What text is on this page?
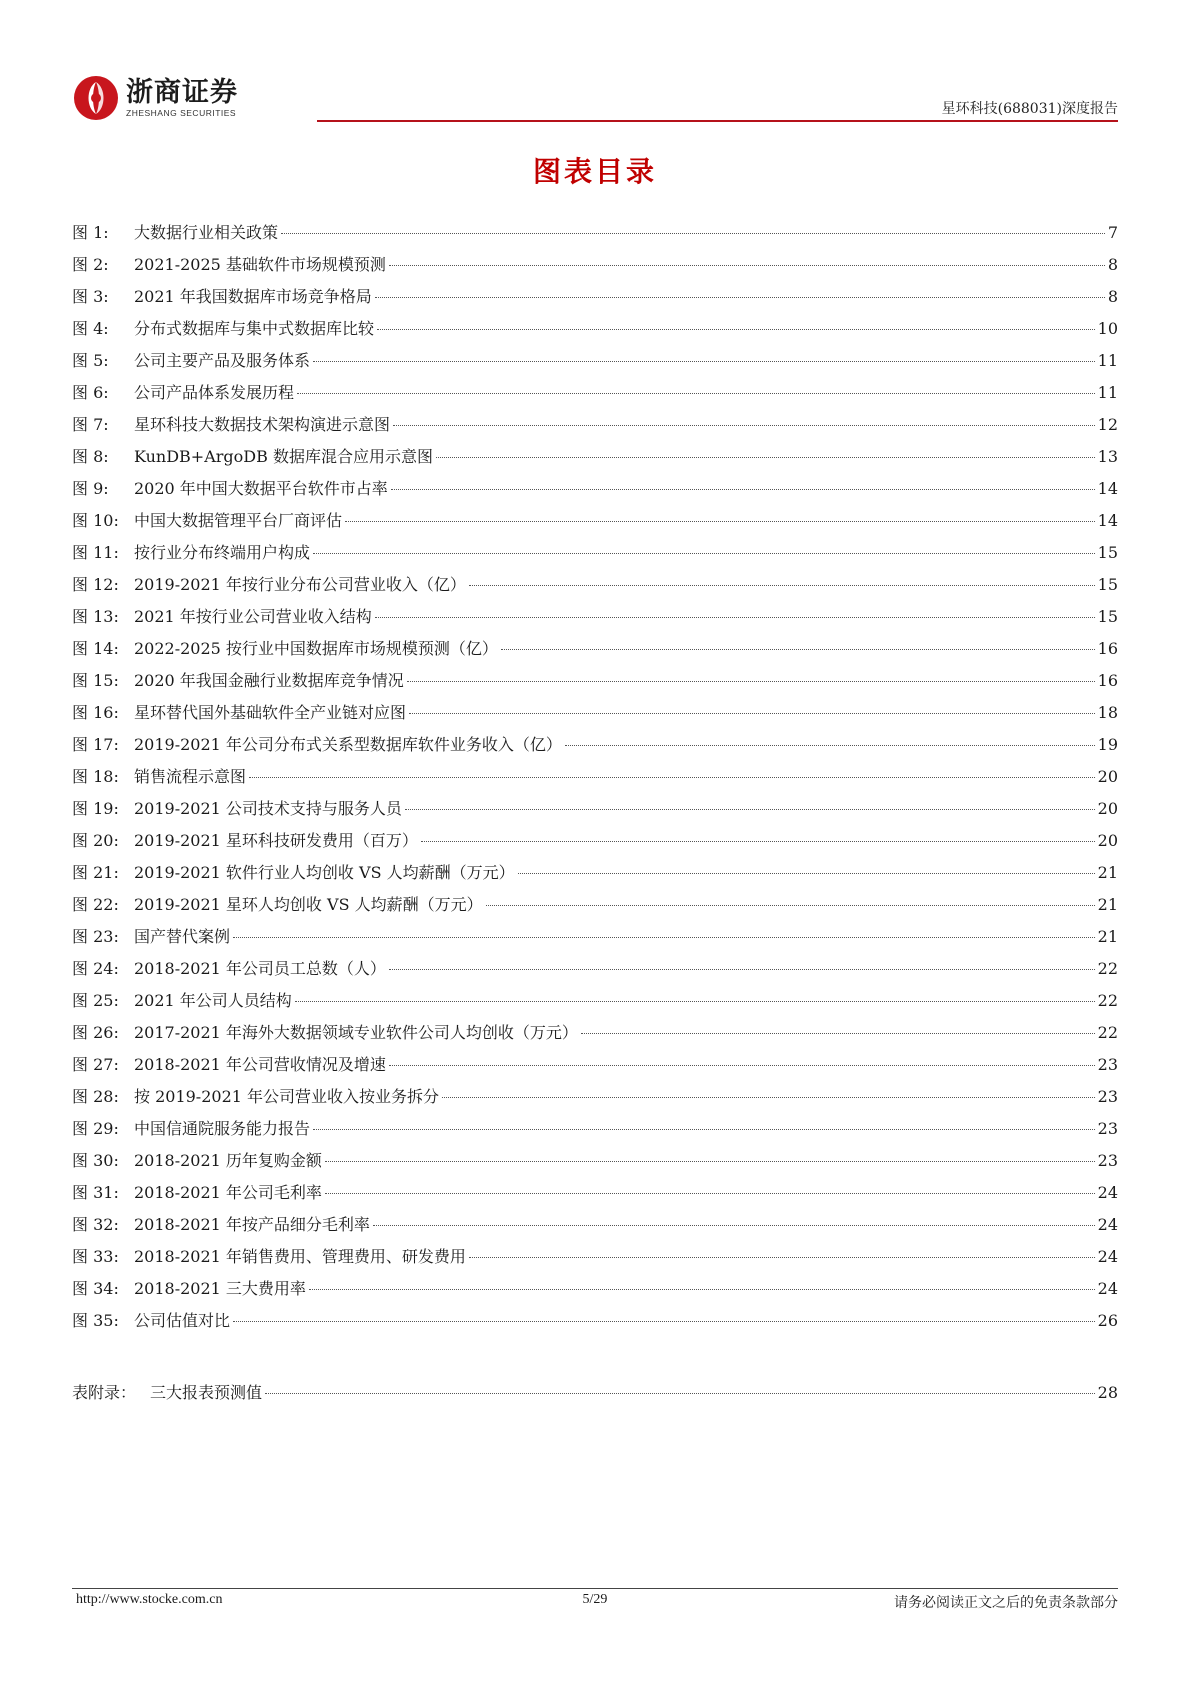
浙商证券
ZHESHANG SECURITIES	星环科技(688031)深度报告
图表目录
图 1:	大数据行业相关政策	7
图 2:	2021-2025 基础软件市场规模预测	8
图 3:	2021 年我国数据库市场竞争格局	8
图 4:	分布式数据库与集中式数据库比较	10
图 5:	公司主要产品及服务体系	11
图 6:	公司产品体系发展历程	11
图 7:	星环科技大数据技术架构演进示意图	12
图 8:	KunDB+ArgoDB 数据库混合应用示意图	13
图 9:	2020 年中国大数据平台软件市占率	14
图 10: 中国大数据管理平台厂商评估	14
图 11: 按行业分布终端用户构成	15
图 12: 2019-2021 年按行业分布公司营业收入（亿）	15
图 13: 2021 年按行业公司营业收入结构	15
图 14: 2022-2025 按行业中国数据库市场规模预测（亿）	16
图 15: 2020 年我国金融行业数据库竞争情况	16
图 16: 星环替代国外基础软件全产业链对应图	18
图 17: 2019-2021 年公司分布式关系型数据库软件业务收入（亿）	19
图 18: 销售流程示意图	20
图 19: 2019-2021 公司技术支持与服务人员	20
图 20: 2019-2021 星环科技研发费用（百万）	20
图 21: 2019-2021 软件行业人均创收 VS 人均薪酬（万元）	21
图 22: 2019-2021 星环人均创收 VS 人均薪酬（万元）	21
图 23: 国产替代案例	21
图 24: 2018-2021 年公司员工总数（人）	22
图 25: 2021 年公司人员结构	22
图 26: 2017-2021 年海外大数据领域专业软件公司人均创收（万元）	22
图 27: 2018-2021 年公司营收情况及增速	23
图 28: 按 2019-2021 年公司营业收入按业务拆分	23
图 29: 中国信通院服务能力报告	23
图 30: 2018-2021 历年复购金额	23
图 31: 2018-2021 年公司毛利率	24
图 32: 2018-2021 年按产品细分毛利率	24
图 33: 2018-2021 年销售费用、管理费用、研发费用	24
图 34: 2018-2021 三大费用率	24
图 35: 公司估值对比	26
表附录： 三大报表预测值	28
http://www.stocke.com.cn	5/29	请务必阅读正文之后的免责条款部分
